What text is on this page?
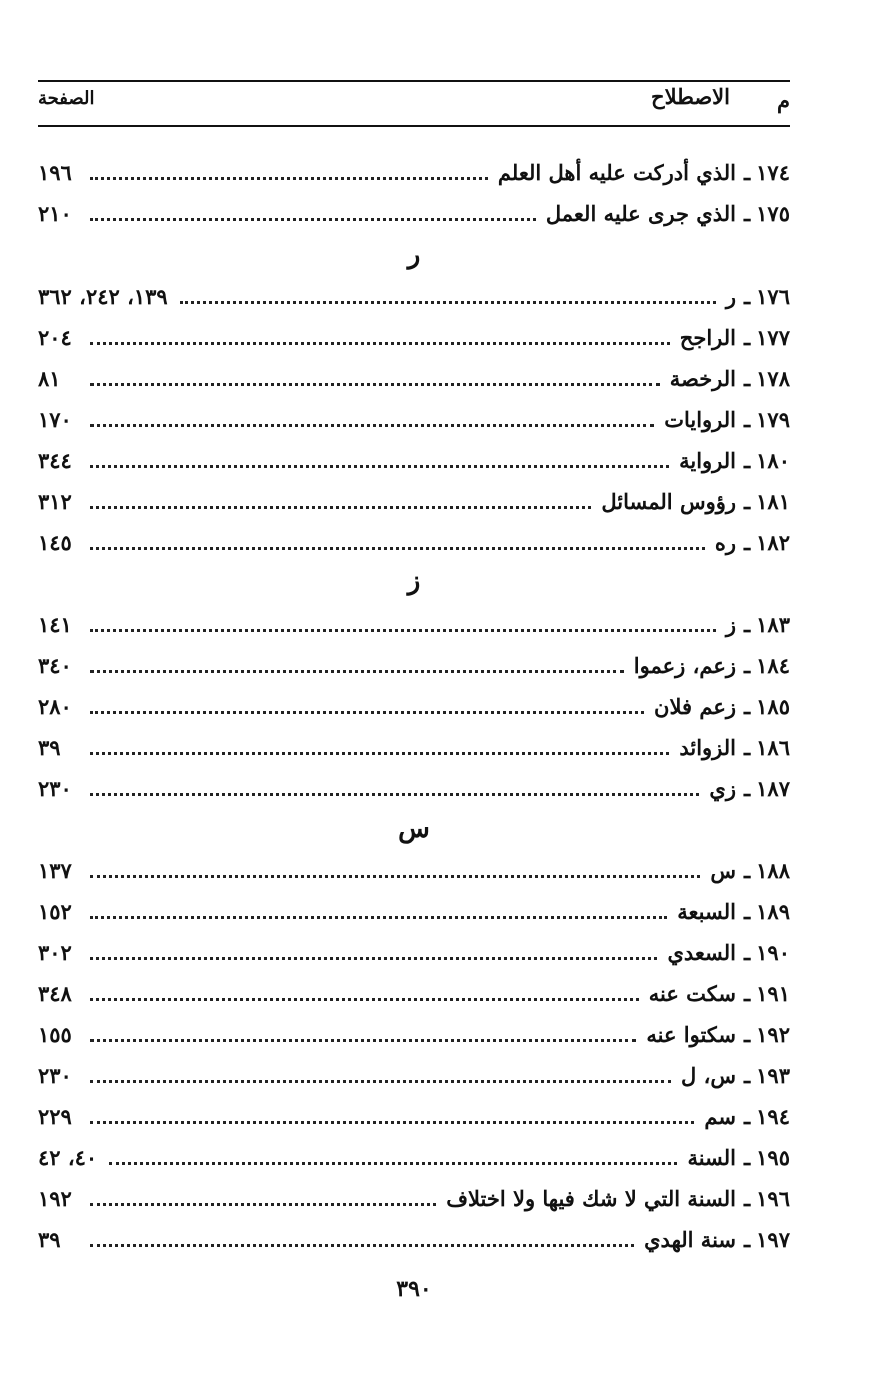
م
الاصطلاح
الصفحة
١٧٤
ـ
الذي أدركت عليه أهل العلم
١٩٦
١٧٥
ـ
الذي جرى عليه العمل
٢١٠
ر
١٧٦
ـ
ر
١٣٩، ٢٤٢، ٣٦٢
١٧٧
ـ
الراجح
٢٠٤
١٧٨
ـ
الرخصة
٨١
١٧٩
ـ
الروايات
١٧٠
١٨٠
ـ
الرواية
٣٤٤
١٨١
ـ
رؤوس المسائل
٣١٢
١٨٢
ـ
ره
١٤٥
ز
١٨٣
ـ
ز
١٤١
١٨٤
ـ
زعم، زعموا
٣٤٠
١٨٥
ـ
زعم فلان
٢٨٠
١٨٦
ـ
الزوائد
٣٩
١٨٧
ـ
زي
٢٣٠
س
١٨٨
ـ
س
١٣٧
١٨٩
ـ
السبعة
١٥٢
١٩٠
ـ
السعدي
٣٠٢
١٩١
ـ
سكت عنه
٣٤٨
١٩٢
ـ
سكتوا عنه
١٥٥
١٩٣
ـ
س، ل
٢٣٠
١٩٤
ـ
سم
٢٢٩
١٩٥
ـ
السنة
٤٠، ٤٢
١٩٦
ـ
السنة التي لا شك فيها ولا اختلاف
١٩٢
١٩٧
ـ
سنة الهدي
٣٩
٣٩٠
